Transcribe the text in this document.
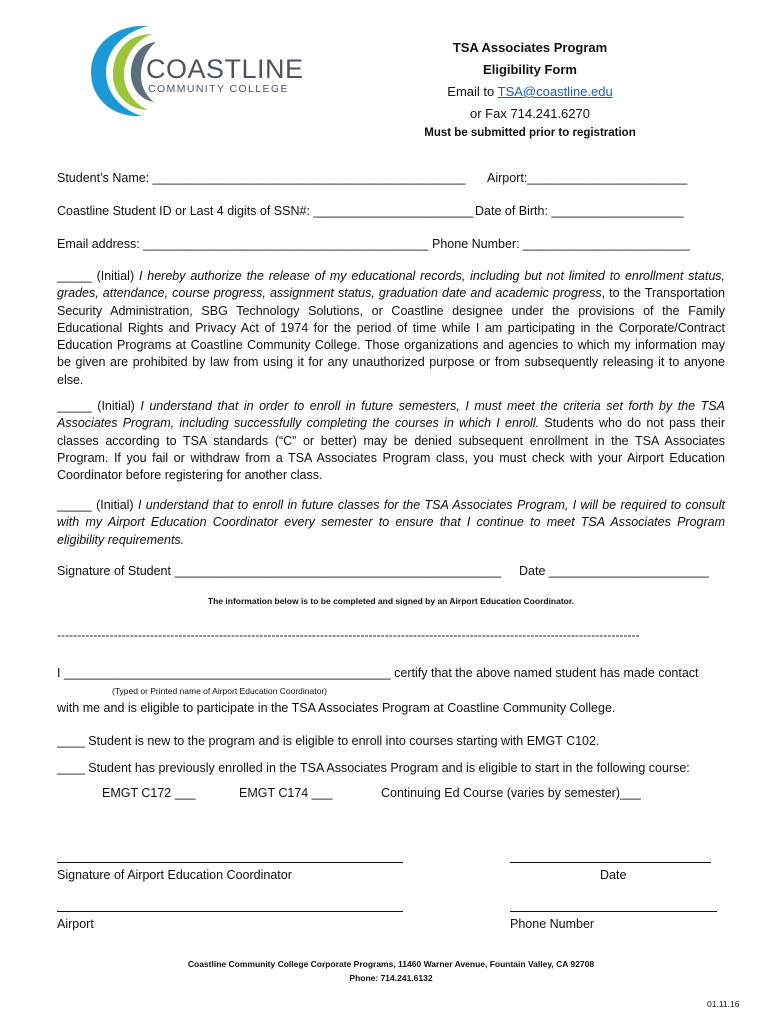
COASTLINE
COMMUNITY COLLEGE
TSA Associates Program
Eligibility Form
Email to TSA@coastline.edu
or Fax 714.241.6270
Must be submitted prior to registration
Student’s Name: _____________________________________________ Airport:_______________________
Coastline Student ID or Last 4 digits of SSN#: _______________________ Date of Birth: ___________________
Email address: _________________________________________ Phone Number: ________________________
_____ (Initial) I hereby authorize the release of my educational records, including but not limited to enrollment status, grades, attendance, course progress, assignment status, graduation date and academic progress, to the Transportation Security Administration, SBG Technology Solutions, or Coastline designee under the provisions of the Family Educational Rights and Privacy Act of 1974 for the period of time while I am participating in the Corporate/Contract Education Programs at Coastline Community College. Those organizations and agencies to which my information may be given are prohibited by law from using it for any unauthorized purpose or from subsequently releasing it to anyone else.
_____ (Initial) I understand that in order to enroll in future semesters, I must meet the criteria set forth by the TSA Associates Program, including successfully completing the courses in which I enroll. Students who do not pass their classes according to TSA standards (“C” or better) may be denied subsequent enrollment in the TSA Associates Program. If you fail or withdraw from a TSA Associates Program class, you must check with your Airport Education Coordinator before registering for another class.
_____ (Initial) I understand that to enroll in future classes for the TSA Associates Program, I will be required to consult with my Airport Education Coordinator every semester to ensure that I continue to meet TSA Associates Program eligibility requirements.
Signature of Student _______________________________________________ Date _______________________
The information below is to be completed and signed by an Airport Education Coordinator.
------------------------------------------------------------------------------------------------------------------------------------------------
I _______________________________________________ certify that the above named student has made contact
(Typed or Printed name of Airport Education Coordinator)
with me and is eligible to participate in the TSA Associates Program at Coastline Community College.
____ Student is new to the program and is eligible to enroll into courses starting with EMGT C102.
____ Student has previously enrolled in the TSA Associates Program and is eligible to start in the following course:
EMGT C172 ___	EMGT C174 ___	Continuing Ed Course (varies by semester)___
Signature of Airport Education Coordinator	Date
Airport	Phone Number
Coastline Community College Corporate Programs, 11460 Warner Avenue, Fountain Valley, CA 92708
Phone: 714.241.6132
01.11.16
